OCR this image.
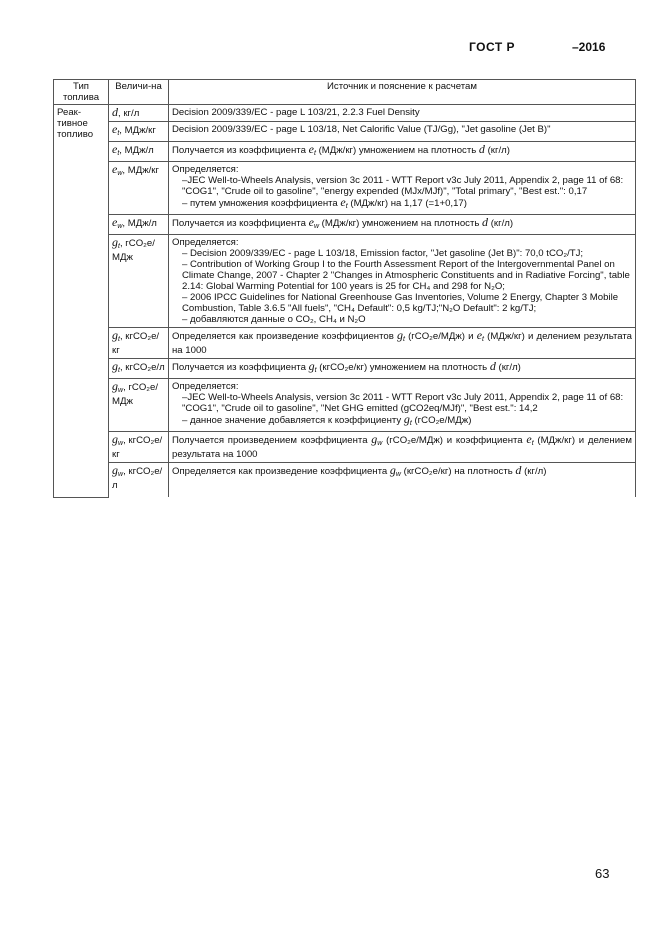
ГОСТ Р	–2016
Тип топлива	Величи-на	Источник и пояснение к расчетам
Реак-тивное топливо	d, кг/л	Decision 2009/339/EC - page L 103/21, 2.2.3 Fuel Density
	$e_t$, МДж/кг	Decision 2009/339/EC - page L 103/18, Net Calorific Value (TJ/Gg), "Jet gasoline (Jet B)"
	$e_t$, МДж/л	Получается из коэффициента $e_t$ (МДж/кг) умножением на плотность d (кг/л)
	$e_w$, МДж/кг	Определяется:
–JEC Well-to-Wheels Analysis, version 3c 2011 - WTT Report v3c July 2011, Appendix 2, page 11 of 68: "COG1", "Crude oil to gasoline", "energy expended (MJx/MJf)", "Total primary", "Best est.": 0,17
– путем умножения коэффициента $e_t$ (МДж/кг) на 1,17 (=1+0,17)

	$e_w$, МДж/л	Получается из коэффициента $e_w$ (МДж/кг) умножением на плотность d (кг/л)
	$g_t$, гCO₂e/МДж	Определяется:
– Decision 2009/339/EC - page L 103/18, Emission factor, "Jet gasoline (Jet B)": 70,0 tCO₂/TJ;
– Contribution of Working Group I to the Fourth Assessment Report of the Intergovernmental Panel on Climate Change, 2007 - Chapter 2 "Changes in Atmospheric Constituents and in Radiative Forcing", table 2.14: Global Warming Potential for 100 years is 25 for CH₄ and 298 for N₂O;
– 2006 IPCC Guidelines for National Greenhouse Gas Inventories, Volume 2 Energy, Chapter 3 Mobile Combustion, Table 3.6.5 "All fuels", "CH₄ Default": 0,5 kg/TJ;"N₂O Default": 2 kg/TJ;
– добавляются данные о CO₂, CH₄ и N₂O

	$g_t$, кгCO₂e/кг	Определяется как произведение коэффициентов $g_t$ (гCO₂e/МДж) и $e_t$ (МДж/кг) и делением результата на 1000
	$g_t$, кгCO₂e/л	Получается из коэффициента $g_t$ (кгCO₂e/кг) умножением на плотность d (кг/л)
	$g_w$, гCO₂e/МДж	Определяется:
–JEC Well-to-Wheels Analysis, version 3c 2011 - WTT Report v3c July 2011, Appendix 2, page 11 of 68: "COG1", "Crude oil to gasoline", "Net GHG emitted (gCO2eq/MJf)", "Best est.": 14,2
– данное значение добавляется к коэффициенту $g_t$ (гCO₂e/МДж)

	$g_w$, кгCO₂e/кг	Получается произведением коэффициента $g_w$ (гCO₂e/МДж) и коэффициента $e_t$ (МДж/кг) и делением результата на 1000
	$g_w$, кгCO₂e/л	Определяется как произведение коэффициента $g_w$ (кгCO₂e/кг) на плотность d (кг/л)
63
